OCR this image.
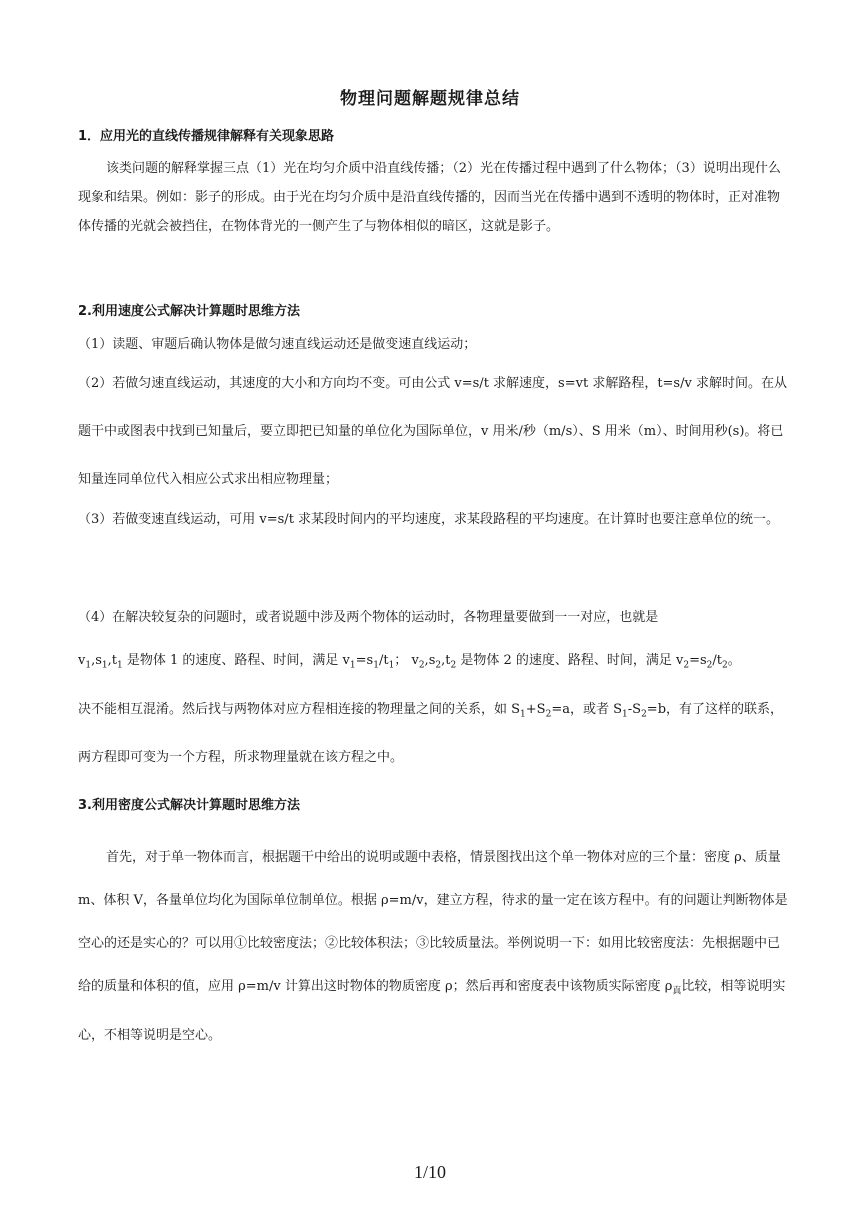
物理问题解题规律总结
1．应用光的直线传播规律解释有关现象思路
该类问题的解释掌握三点（1）光在均匀介质中沿直线传播；（2）光在传播过程中遇到了什么物体；（3）说明出现什么现象和结果。例如：影子的形成。由于光在均匀介质中是沿直线传播的，因而当光在传播中遇到不透明的物体时，正对准物体传播的光就会被挡住，在物体背光的一侧产生了与物体相似的暗区，这就是影子。
2.利用速度公式解决计算题时思维方法
（1）读题、审题后确认物体是做匀速直线运动还是做变速直线运动；
（2）若做匀速直线运动，其速度的大小和方向均不变。可由公式 v=s/t 求解速度，s=vt 求解路程，t=s/v 求解时间。在从题干中或图表中找到已知量后，要立即把已知量的单位化为国际单位，v 用米/秒（m/s）、S 用米（m）、时间用秒(s)。将已知量连同单位代入相应公式求出相应物理量；
（3）若做变速直线运动，可用 v=s/t 求某段时间内的平均速度，求某段路程的平均速度。在计算时也要注意单位的统一。
（4）在解决较复杂的问题时，或者说题中涉及两个物体的运动时，各物理量要做到一一对应，也就是
$v_1,s_1,t_1$ 是物体 1 的速度、路程、时间，满足 $v_1=s_1/t_1$； $v_2,s_2,t_2$ 是物体 2 的速度、路程、时间，满足 $v_2=s_2/t_2$。
决不能相互混淆。然后找与两物体对应方程相连接的物理量之间的关系，如 $S_1+S_2=a$，或者 $S_1-S_2=b$，有了这样的联系，两方程即可变为一个方程，所求物理量就在该方程之中。
3.利用密度公式解决计算题时思维方法
首先，对于单一物体而言，根据题干中给出的说明或题中表格，情景图找出这个单一物体对应的三个量：密度 ρ、质量 m、体积 V，各量单位均化为国际单位制单位。根据 ρ=m/v，建立方程，待求的量一定在该方程中。有的问题让判断物体是空心的还是实心的？可以用①比较密度法；②比较体积法；③比较质量法。举例说明一下：如用比较密度法：先根据题中已给的质量和体积的值，应用 ρ=m/v 计算出这时物体的物质密度 ρ；然后再和密度表中该物质实际密度 $\rho_真$比较，相等说明实心，不相等说明是空心。
1/10
